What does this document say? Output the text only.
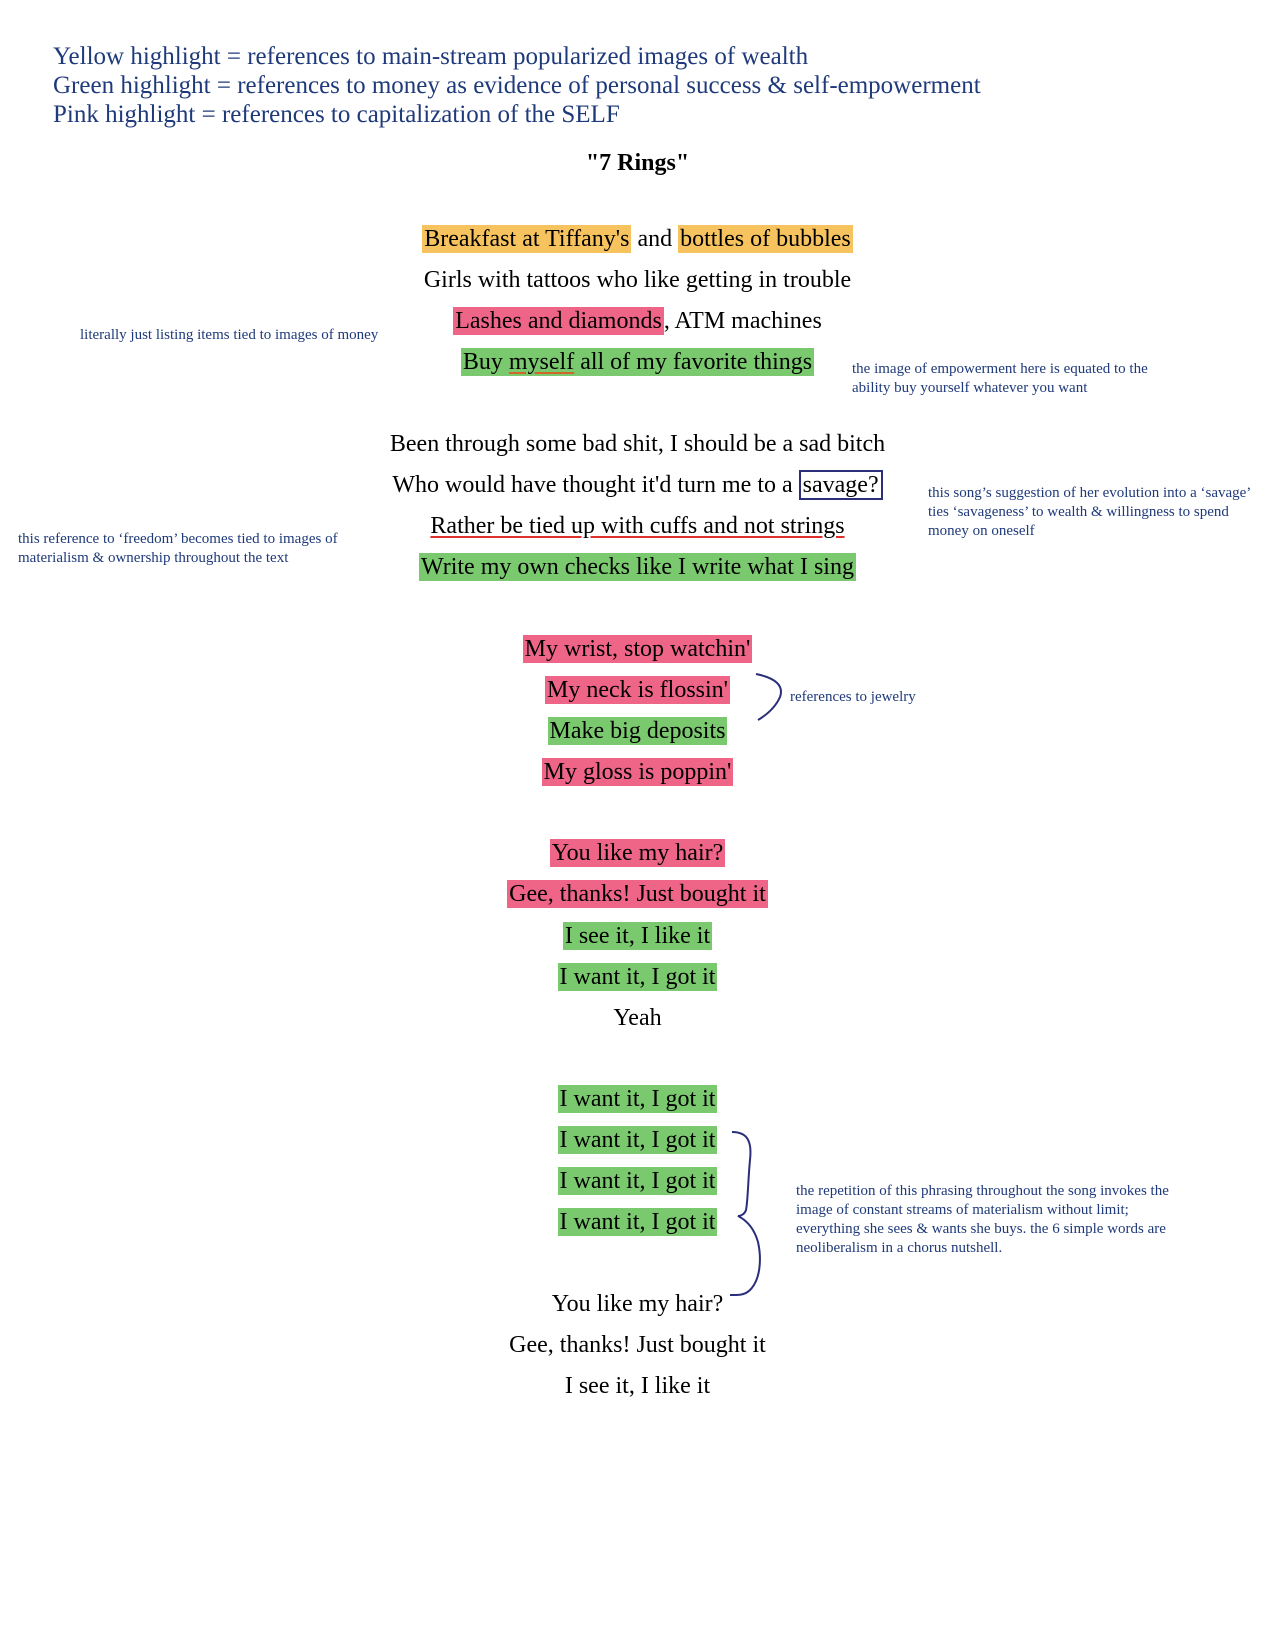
Yellow highlight = references to main-stream popularized images of wealth
Green highlight = references to money as evidence of personal success & self-empowerment
Pink highlight = references to capitalization of the SELF
"7 Rings"
Breakfast at Tiffany's and bottles of bubbles
Girls with tattoos who like getting in trouble
Lashes and diamonds, ATM machines
Buy myself all of my favorite things
Been through some bad shit, I should be a sad bitch
Who would have thought it'd turn me to a savage?
Rather be tied up with cuffs and not strings
Write my own checks like I write what I sing
My wrist, stop watchin'
My neck is flossin'
Make big deposits
My gloss is poppin'
You like my hair?
Gee, thanks! Just bought it
I see it, I like it
I want it, I got it
Yeah
I want it, I got it
I want it, I got it
I want it, I got it
I want it, I got it
You like my hair?
Gee, thanks! Just bought it
I see it, I like it
literally just listing items tied to images of money
the image of empowerment here is equated to the ability buy yourself whatever you want
this song’s suggestion of her evolution into a ‘savage’ ties ‘savageness’ to wealth & willingness to spend money on oneself
this reference to ‘freedom’ becomes tied to images of materialism & ownership throughout the text
references to jewelry
the repetition of this phrasing throughout the song invokes the image of constant streams of materialism without limit; everything she sees & wants she buys. the 6 simple words are neoliberalism in a chorus nutshell.
